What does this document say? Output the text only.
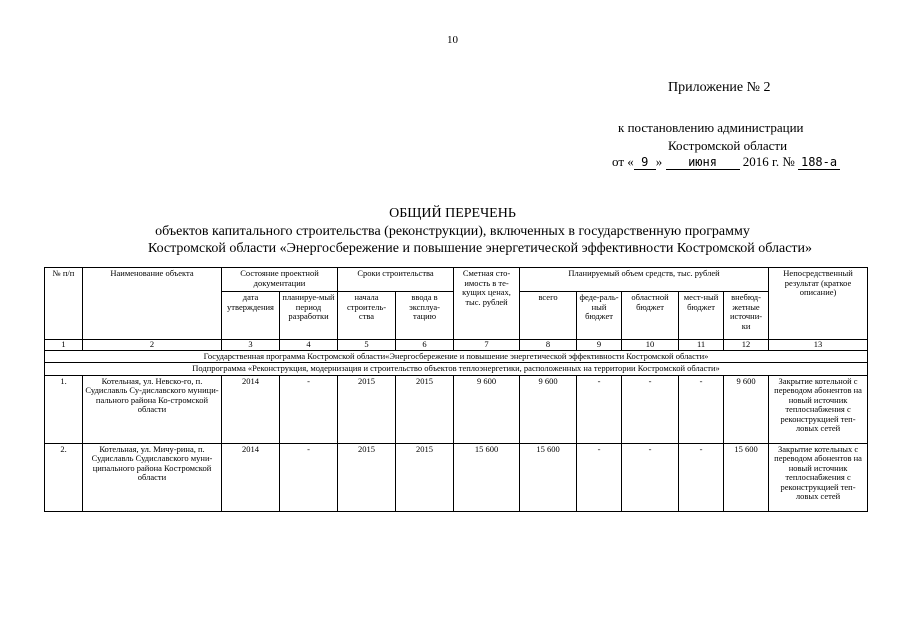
10
Приложение № 2
к постановлению администрации
Костромской области
от « 9 » июня 2016 г. № 188-а
ОБЩИЙ ПЕРЕЧЕНЬ
объектов капитального строительства (реконструкции), включенных в государственную программу
Костромской области «Энергосбережение и повышение энергетической эффективности Костромской области»
№ п/п	Наименование объекта	Состояние проектной документации		Сроки строительства		Сметная сто-имость в те-кущих ценах, тыс. рублей	Планируемый объем средств, тыс. рублей					Непосредственный результат (краткое описание)
		дата утверждения	планируе-мый период разработки	начала строитель-ства	ввода в эксплуа-тацию		всего	феде-раль-ный бюджет	областной бюджет	мест-ный бюджет	внебюд-жетные источни-ки	
1	2	3	4	5	6	7	8	9	10	11	12	13
Государственная программа Костромской области«Энергосбережение и повышение энергетической эффективности Костромской области»												
Подпрограмма «Реконструкция, модернизация и строительство объектов теплоэнергетики, расположенных на территории Костромской области»												
1.	Котельная, ул. Невско-го, п. Судиславль Су-диславского муници-пального района Ко-стромской области	2014	-	2015	2015	9 600	9 600	-	-	-	9 600	Закрытие котельной с переводом абонентов на новый источник теплоснабжения с реконструкцией теп-ловых сетей
2.	Котельная, ул. Мичу-рина, п. Судиславль Судиславского муни-ципального района Костромской области	2014	-	2015	2015	15 600	15 600	-	-	-	15 600	Закрытие котельных с переводом абонентов на новый источник теплоснабжения с реконструкцией теп-ловых сетей
